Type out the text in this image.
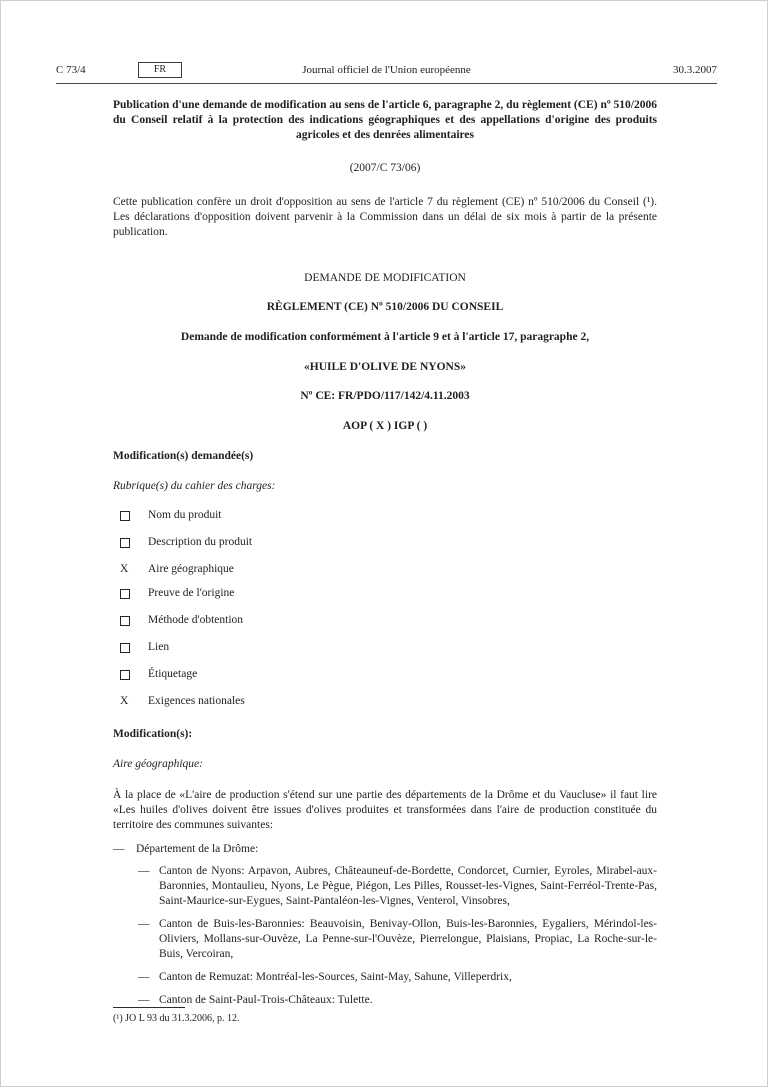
C 73/4	FR	Journal officiel de l'Union européenne	30.3.2007
Publication d'une demande de modification au sens de l'article 6, paragraphe 2, du règlement (CE) nº 510/2006 du Conseil relatif à la protection des indications géographiques et des appellations d'origine des produits agricoles et des denrées alimentaires
(2007/C 73/06)
Cette publication confère un droit d'opposition au sens de l'article 7 du règlement (CE) nº 510/2006 du Conseil (¹). Les déclarations d'opposition doivent parvenir à la Commission dans un délai de six mois à partir de la présente publication.
DEMANDE DE MODIFICATION
RÈGLEMENT (CE) Nº 510/2006 DU CONSEIL
Demande de modification conformément à l'article 9 et à l'article 17, paragraphe 2,
«HUILE D'OLIVE DE NYONS»
Nº CE: FR/PDO/117/142/4.11.2003
AOP ( X ) IGP ( )
Modification(s) demandée(s)
Rubrique(s) du cahier des charges:
Nom du produit
Description du produit
X	Aire géographique
Preuve de l'origine
Méthode d'obtention
Lien
Étiquetage
X	Exigences nationales
Modification(s):
Aire géographique:
À la place de «L'aire de production s'étend sur une partie des départements de la Drôme et du Vaucluse» il faut lire «Les huiles d'olives doivent être issues d'olives produites et transformées dans l'aire de production constituée du territoire des communes suivantes:
—	Département de la Drôme:
— Canton de Nyons: Arpavon, Aubres, Châteauneuf-de-Bordette, Condorcet, Curnier, Eyroles, Mirabel-aux-Baronnies, Montaulieu, Nyons, Le Pègue, Piégon, Les Pilles, Rousset-les-Vignes, Saint-Ferréol-Trente-Pas, Saint-Maurice-sur-Eygues, Saint-Pantaléon-les-Vignes, Venterol, Vinsobres,
— Canton de Buis-les-Baronnies: Beauvoisin, Benivay-Ollon, Buis-les-Baronnies, Eygaliers, Mérindol-les-Oliviers, Mollans-sur-Ouvèze, La Penne-sur-l'Ouvèze, Pierrelongue, Plaisians, Propiac, La Roche-sur-le-Buis, Vercoiran,
— Canton de Remuzat: Montréal-les-Sources, Saint-May, Sahune, Villeperdrix,
— Canton de Saint-Paul-Trois-Châteaux: Tulette.
(¹) JO L 93 du 31.3.2006, p. 12.
